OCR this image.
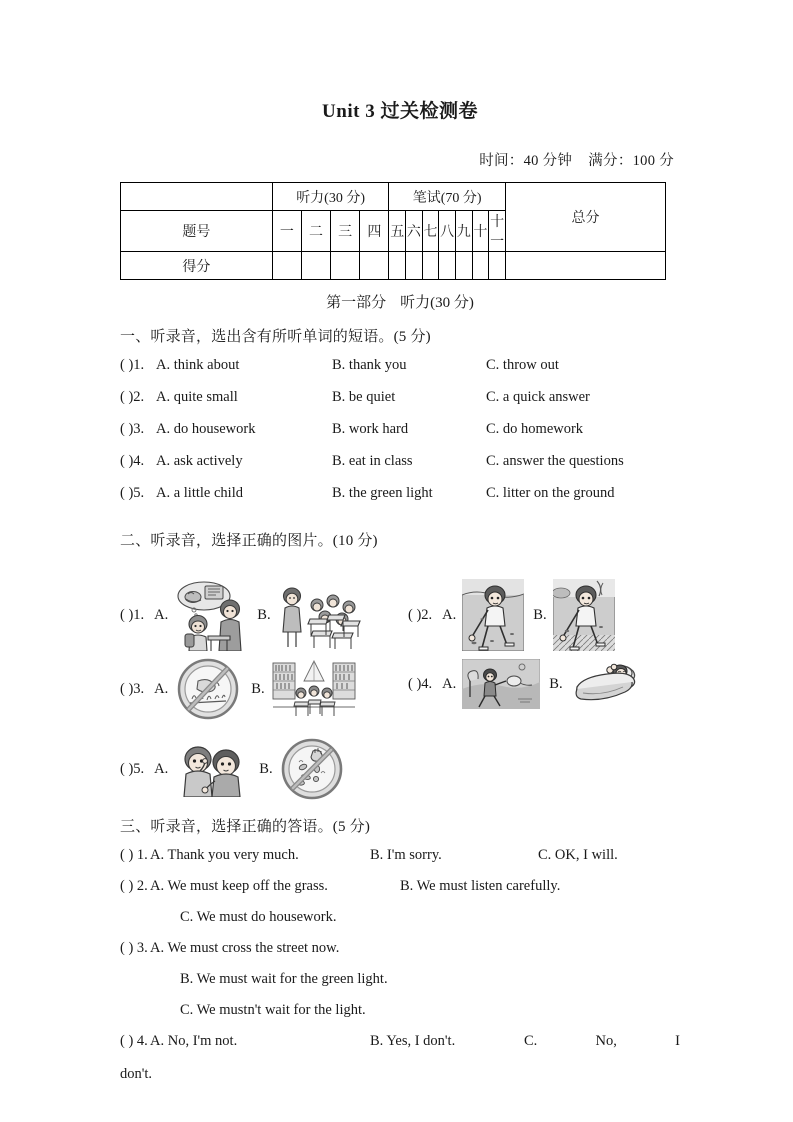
Unit 3 过关检测卷
时间：40 分钟 满分：100 分
	听力(30 分)				笔试(70 分)							总分
题号	一	二	三	四	五	六	七	八	九	十	十一	
得分												
第一部分 听力(30 分)
一、听录音，选出含有所听单词的短语。(5 分)
( )1. A. think about	B. thank you	C. throw out
( )2. A. quite small	B. be quiet	C. a quick answer
( )3. A. do housework	B. work hard	C. do homework
( )4. A. ask actively	B. eat in class	C. answer the questions
( )5. A. a little child	B. the green light	C. litter on the ground
二、听录音，选择正确的图片。(10 分)
( )1. A.	B.	( )2. A.	B.
( )3. A.	B.	( )4. A.	B.
( )5. A.	B.
三、听录音，选择正确的答语。(5 分)
( ) 1. A. Thank you very much.	B. I'm sorry.	C. OK, I will.
( ) 2. A. We must keep off the grass.	B. We must listen carefully.
C. We must do housework.
( ) 3. A. We must cross the street now.
B. We must wait for the green light.
C. We mustn't wait for the light.
( ) 4. A. No, I'm not.	B. Yes, I don't.	C.	No,	I
don't.
